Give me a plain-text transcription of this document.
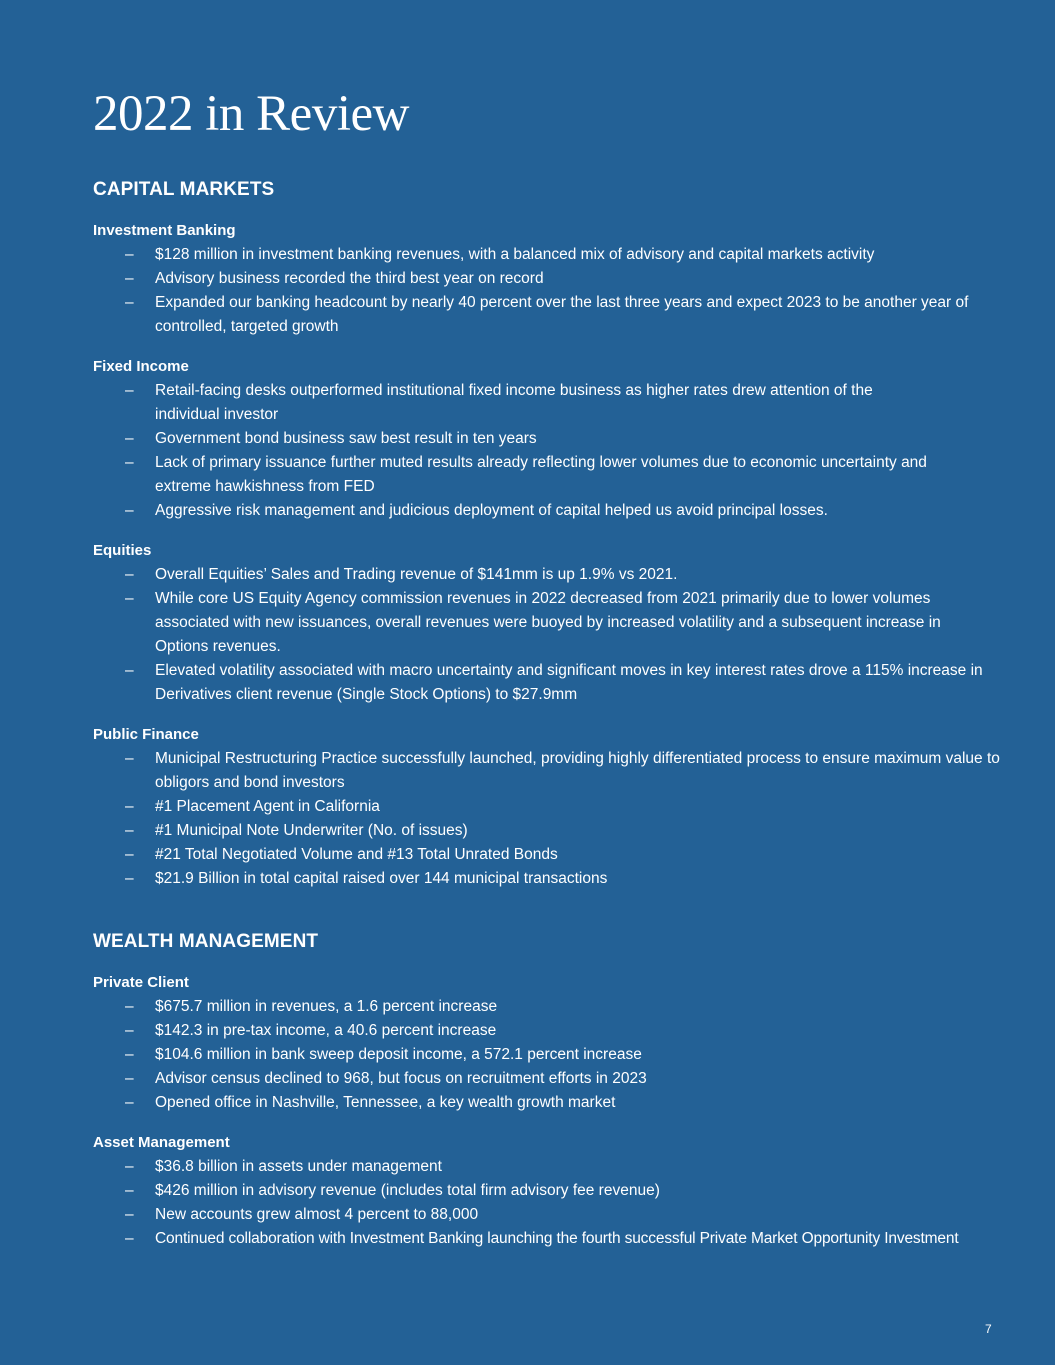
2022 in Review
CAPITAL MARKETS
Investment Banking
– $128 million in investment banking revenues, with a balanced mix of advisory and capital markets activity
– Advisory business recorded the third best year on record
– Expanded our banking headcount by nearly 40 percent over the last three years and expect 2023 to be another year of controlled, targeted growth
Fixed Income
– Retail-facing desks outperformed institutional fixed income business as higher rates drew attention of the individual investor
– Government bond business saw best result in ten years
– Lack of primary issuance further muted results already reflecting lower volumes due to economic uncertainty and extreme hawkishness from FED
– Aggressive risk management and judicious deployment of capital helped us avoid principal losses.
Equities
– Overall Equities’ Sales and Trading revenue of $141mm is up 1.9% vs 2021.
– While core US Equity Agency commission revenues in 2022 decreased from 2021 primarily due to lower volumes associated with new issuances, overall revenues were buoyed by increased volatility and a subsequent increase in Options revenues.
– Elevated volatility associated with macro uncertainty and significant moves in key interest rates drove a 115% increase in Derivatives client revenue (Single Stock Options) to $27.9mm
Public Finance
– Municipal Restructuring Practice successfully launched, providing highly differentiated process to ensure maximum value to obligors and bond investors
– #1 Placement Agent in California
– #1 Municipal Note Underwriter (No. of issues)
– #21 Total Negotiated Volume and #13 Total Unrated Bonds
– $21.9 Billion in total capital raised over 144 municipal transactions
WEALTH MANAGEMENT
Private Client
– $675.7 million in revenues, a 1.6 percent increase
– $142.3 in pre-tax income, a 40.6 percent increase
– $104.6 million in bank sweep deposit income, a 572.1 percent increase
– Advisor census declined to 968, but focus on recruitment efforts in 2023
– Opened office in Nashville, Tennessee, a key wealth growth market
Asset Management
– $36.8 billion in assets under management
– $426 million in advisory revenue (includes total firm advisory fee revenue)
– New accounts grew almost 4 percent to 88,000
– Continued collaboration with Investment Banking launching the fourth successful Private Market Opportunity Investment
7
